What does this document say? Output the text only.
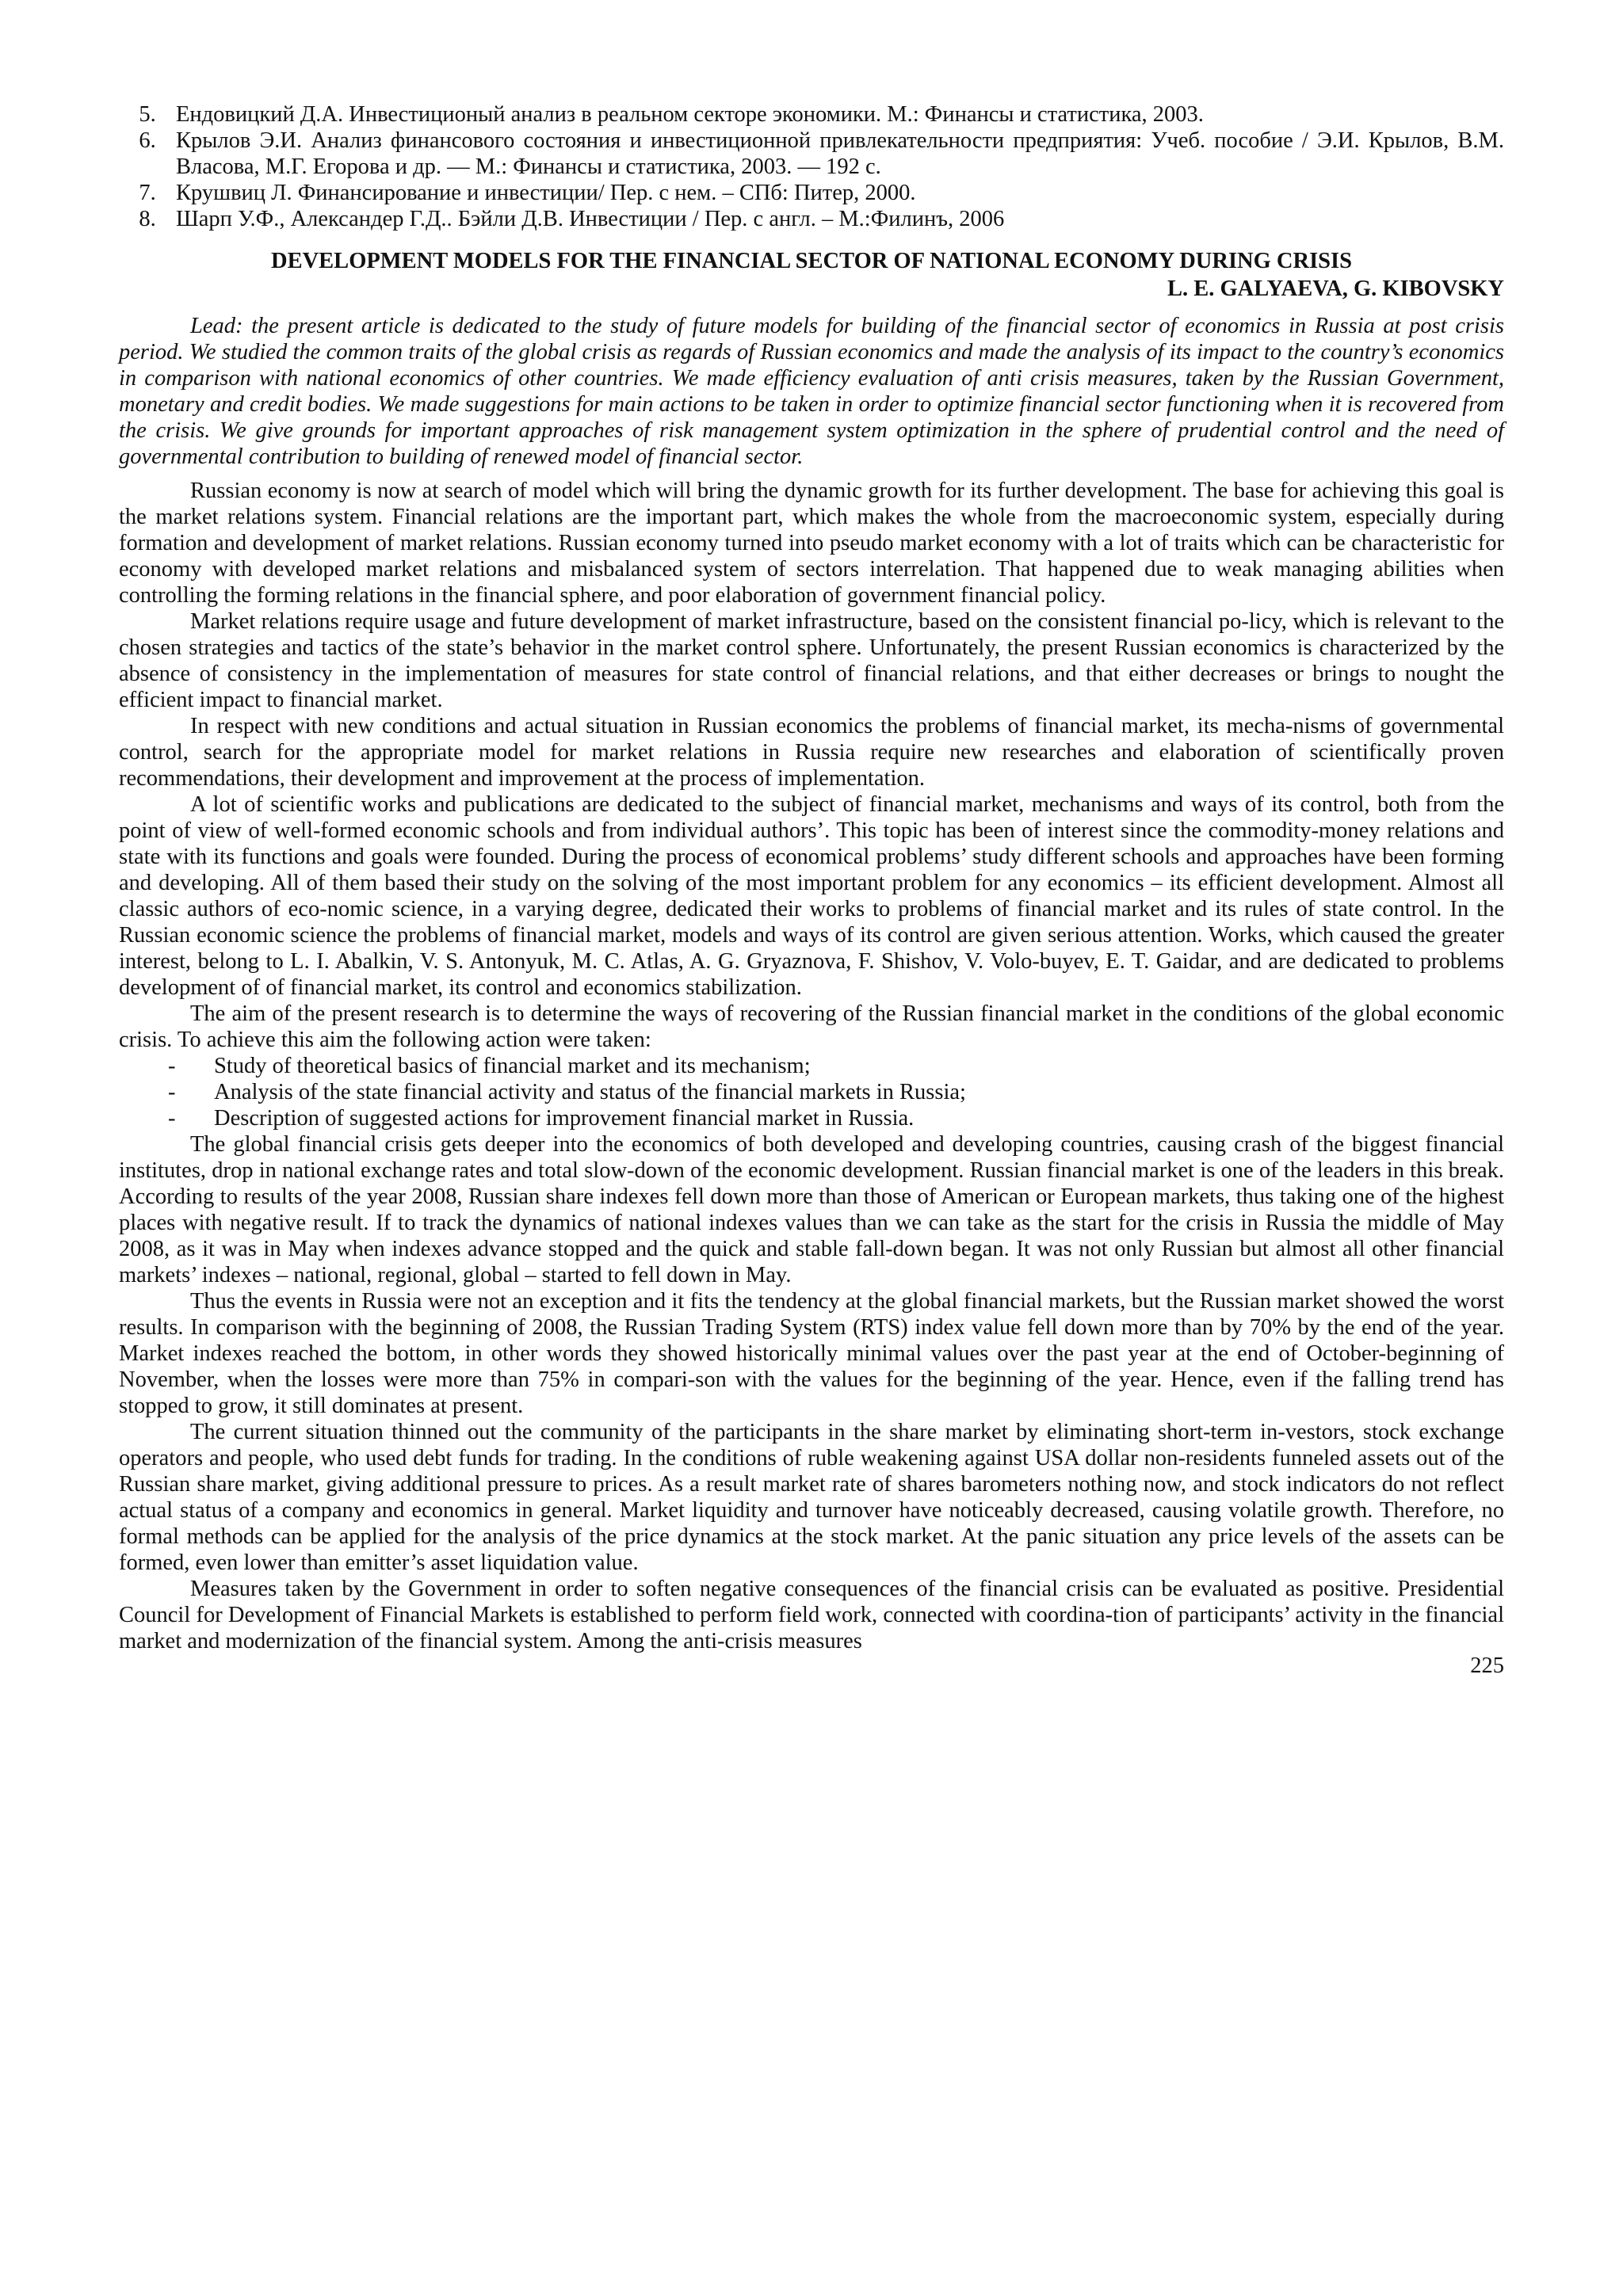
5. Ендовицкий Д.А. Инвестиционый анализ в реальном секторе экономики. М.: Финансы и статистика, 2003.
6. Крылов Э.И. Анализ финансового состояния и инвестиционной привлекательности предприятия: Учеб. пособие / Э.И. Крылов, В.М. Власова, М.Г. Егорова и др. — М.: Финансы и статистика, 2003. — 192 с.
7. Крушвиц Л. Финансирование и инвестиции/ Пер. с нем. – СПб: Питер, 2000.
8. Шарп У.Ф., Александер Г.Д.. Бэйли Д.В. Инвестиции / Пер. с англ. – М.:Филинъ, 2006
DEVELOPMENT MODELS FOR THE FINANCIAL SECTOR OF NATIONAL ECONOMY DURING CRISIS
L. E. GALYAEVA, G. KIBOVSKY

Lead: the present article is dedicated to the study of future models for building of the financial sector of economics in Russia at post crisis period. We studied the common traits of the global crisis as regards of Russian economics and made the analysis of its impact to the country’s economics in comparison with national economics of other countries. We made efficiency evaluation of anti crisis measures, taken by the Russian Government, monetary and credit bodies. We made suggestions for main actions to be taken in order to optimize financial sector functioning when it is recovered from the crisis. We give grounds for important approaches of risk management system optimization in the sphere of prudential control and the need of governmental contribution to building of renewed model of financial sector.

Russian economy is now at search of model which will bring the dynamic growth for its further development. The base for achieving this goal is the market relations system. Financial relations are the important part, which makes the whole from the macroeconomic system, especially during formation and development of market relations. Russian economy turned into pseudo market economy with a lot of traits which can be characteristic for economy with developed market relations and misbalanced system of sectors interrelation. That happened due to weak managing abilities when controlling the forming relations in the financial sphere, and poor elaboration of government financial policy.

Market relations require usage and future development of market infrastructure, based on the consistent financial po-licy, which is relevant to the chosen strategies and tactics of the state’s behavior in the market control sphere. Unfortunately, the present Russian economics is characterized by the absence of consistency in the implementation of measures for state control of financial relations, and that either decreases or brings to nought the efficient impact to financial market.

In respect with new conditions and actual situation in Russian economics the problems of financial market, its mecha-nisms of governmental control, search for the appropriate model for market relations in Russia require new researches and elaboration of scientifically proven recommendations, their development and improvement at the process of implementation.

A lot of scientific works and publications are dedicated to the subject of financial market, mechanisms and ways of its control, both from the point of view of well-formed economic schools and from individual authors’. This topic has been of interest since the commodity-money relations and state with its functions and goals were founded. During the process of economical problems’ study different schools and approaches have been forming and developing. All of them based their study on the solving of the most important problem for any economics – its efficient development. Almost all classic authors of eco-nomic science, in a varying degree, dedicated their works to problems of financial market and its rules of state control. In the Russian economic science the problems of financial market, models and ways of its control are given serious attention. Works, which caused the greater interest, belong to L. I. Abalkin, V. S. Antonyuk, M. C. Atlas, A. G. Gryaznova, F. Shishov, V. Volo-buyev, E. T. Gaidar, and are dedicated to problems development of of financial market, its control and economics stabilization.

The aim of the present research is to determine the ways of recovering of the Russian financial market in the conditions of the global economic crisis. To achieve this aim the following action were taken:

-	Study of theoretical basics of financial market and its mechanism;
-	Analysis of the state financial activity and status of the financial markets in Russia;
-	Description of suggested actions for improvement financial market in Russia.

The global financial crisis gets deeper into the economics of both developed and developing countries, causing crash of the biggest financial institutes, drop in national exchange rates and total slow-down of the economic development. Russian financial market is one of the leaders in this break. According to results of the year 2008, Russian share indexes fell down more than those of American or European markets, thus taking one of the highest places with negative result. If to track the dynamics of national indexes values than we can take as the start for the crisis in Russia the middle of May 2008, as it was in May when indexes advance stopped and the quick and stable fall-down began. It was not only Russian but almost all other financial markets’ indexes – national, regional, global – started to fell down in May.

Thus the events in Russia were not an exception and it fits the tendency at the global financial markets, but the Russian market showed the worst results. In comparison with the beginning of 2008, the Russian Trading System (RTS) index value fell down more than by 70% by the end of the year. Market indexes reached the bottom, in other words they showed historically minimal values over the past year at the end of October-beginning of November, when the losses were more than 75% in compari-son with the values for the beginning of the year. Hence, even if the falling trend has stopped to grow, it still dominates at present.

The current situation thinned out the community of the participants in the share market by eliminating short-term in-vestors, stock exchange operators and people, who used debt funds for trading. In the conditions of ruble weakening against USA dollar non-residents funneled assets out of the Russian share market, giving additional pressure to prices. As a result market rate of shares barometers nothing now, and stock indicators do not reflect actual status of a company and economics in general. Market liquidity and turnover have noticeably decreased, causing volatile growth. Therefore, no formal methods can be applied for the analysis of the price dynamics at the stock market. At the panic situation any price levels of the assets can be formed, even lower than emitter’s asset liquidation value.

Measures taken by the Government in order to soften negative consequences of the financial crisis can be evaluated as positive. Presidential Council for Development of Financial Markets is established to perform field work, connected with coordina-tion of participants’ activity in the financial market and modernization of the financial system. Among the anti-crisis measures

225
